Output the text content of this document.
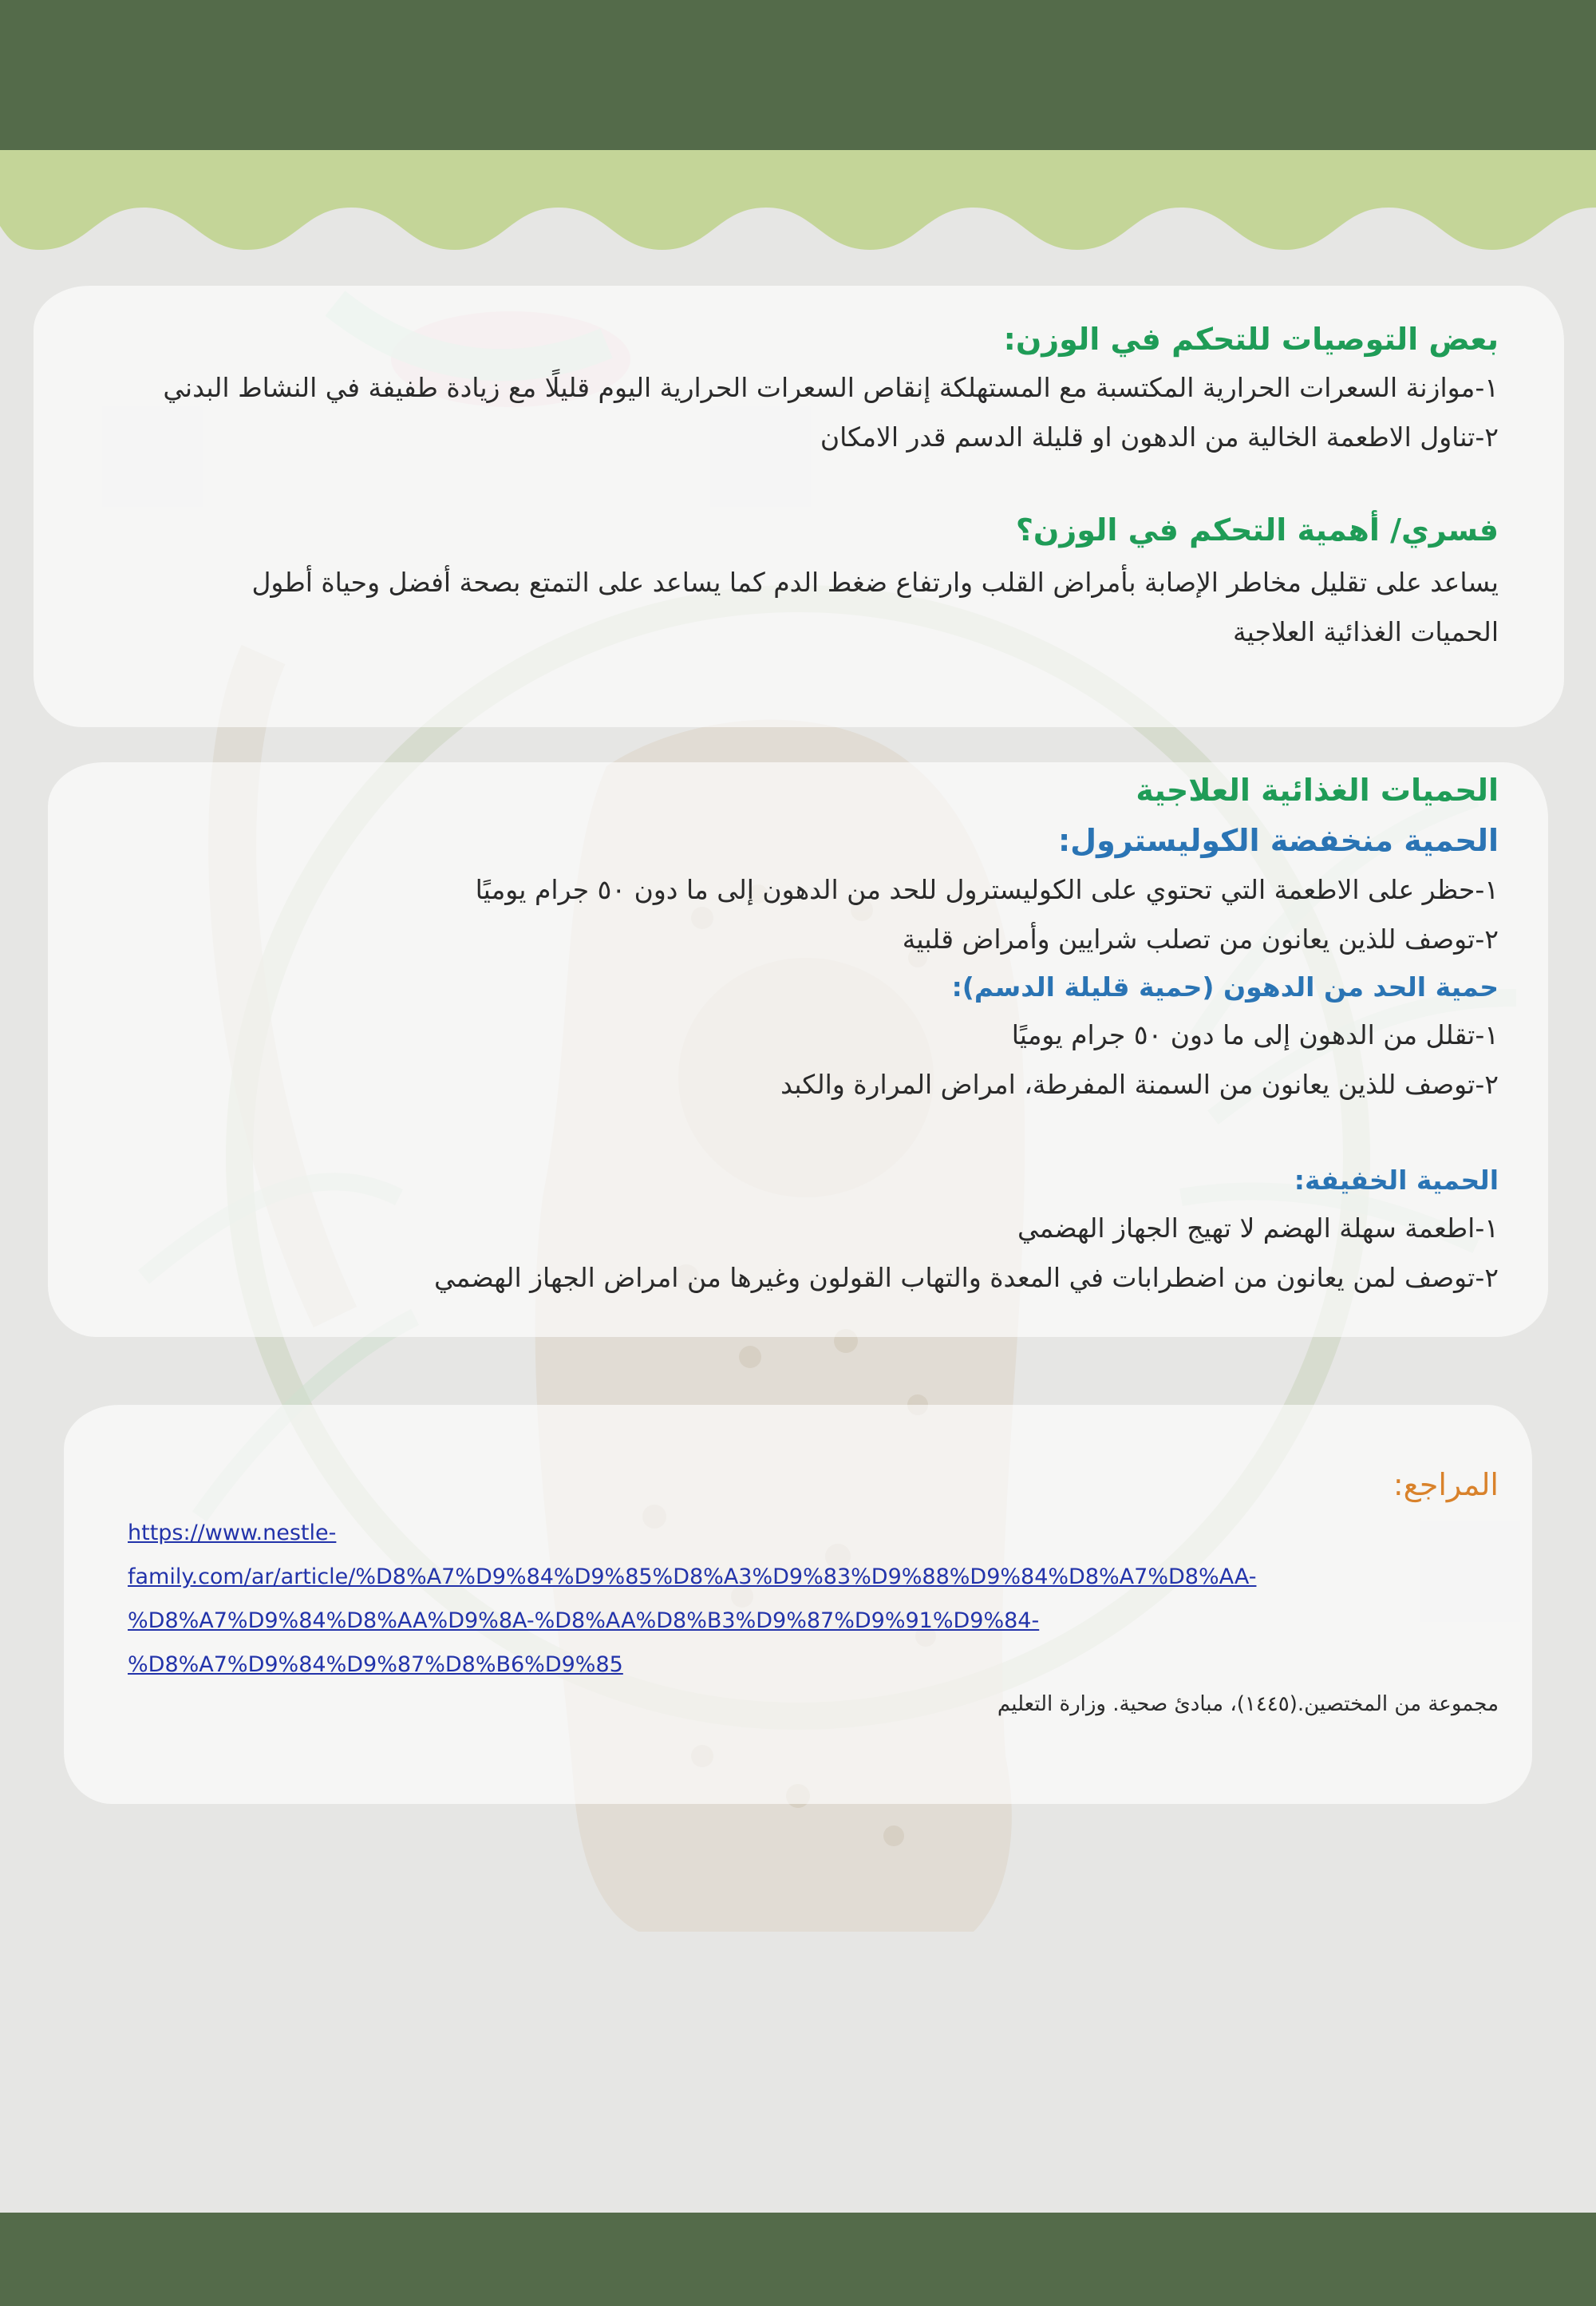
بعض التوصيات للتحكم في الوزن:

١-موازنة السعرات الحرارية المكتسبة مع المستهلكة إنقاص السعرات الحرارية اليوم قليلًا مع زيادة طفيفة في النشاط البدني

٢-تناول الاطعمة الخالية من الدهون او قليلة الدسم قدر الامكان

فسري/ أهمية التحكم في الوزن؟

يساعد على تقليل مخاطر الإصابة بأمراض القلب وارتفاع ضغط الدم كما يساعد على التمتع بصحة أفضل وحياة أطول

الحميات الغذائية العلاجية

الحميات الغذائية العلاجية

الحمية منخفضة الكوليسترول:

١-حظر على الاطعمة التي تحتوي على الكوليسترول للحد من الدهون إلى ما دون ٥٠ جرام يوميًا

٢-توصف للذين يعانون من تصلب شرايين وأمراض قلبية

حمية الحد من الدهون (حمية قليلة الدسم):

١-تقلل من الدهون إلى ما دون ٥٠ جرام يوميًا

٢-توصف للذين يعانون من السمنة المفرطة، امراض المرارة والكبد

الحمية الخفيفة:

١-اطعمة سهلة الهضم لا تهيج الجهاز الهضمي

٢-توصف لمن يعانون من اضطرابات في المعدة والتهاب القولون وغيرها من امراض الجهاز الهضمي

المراجع:

https://www.nestle-
family.com/ar/article/%D8%A7%D9%84%D9%85%D8%A3%D9%83%D9%88%D9%84%D8%A7%D8%AA-
%D8%A7%D9%84%D8%AA%D9%8A-%D8%AA%D8%B3%D9%87%D9%91%D9%84-
%D8%A7%D9%84%D9%87%D8%B6%D9%85
مجموعة من المختصين.(١٤٤٥)، مبادئ صحية. وزارة التعليم
